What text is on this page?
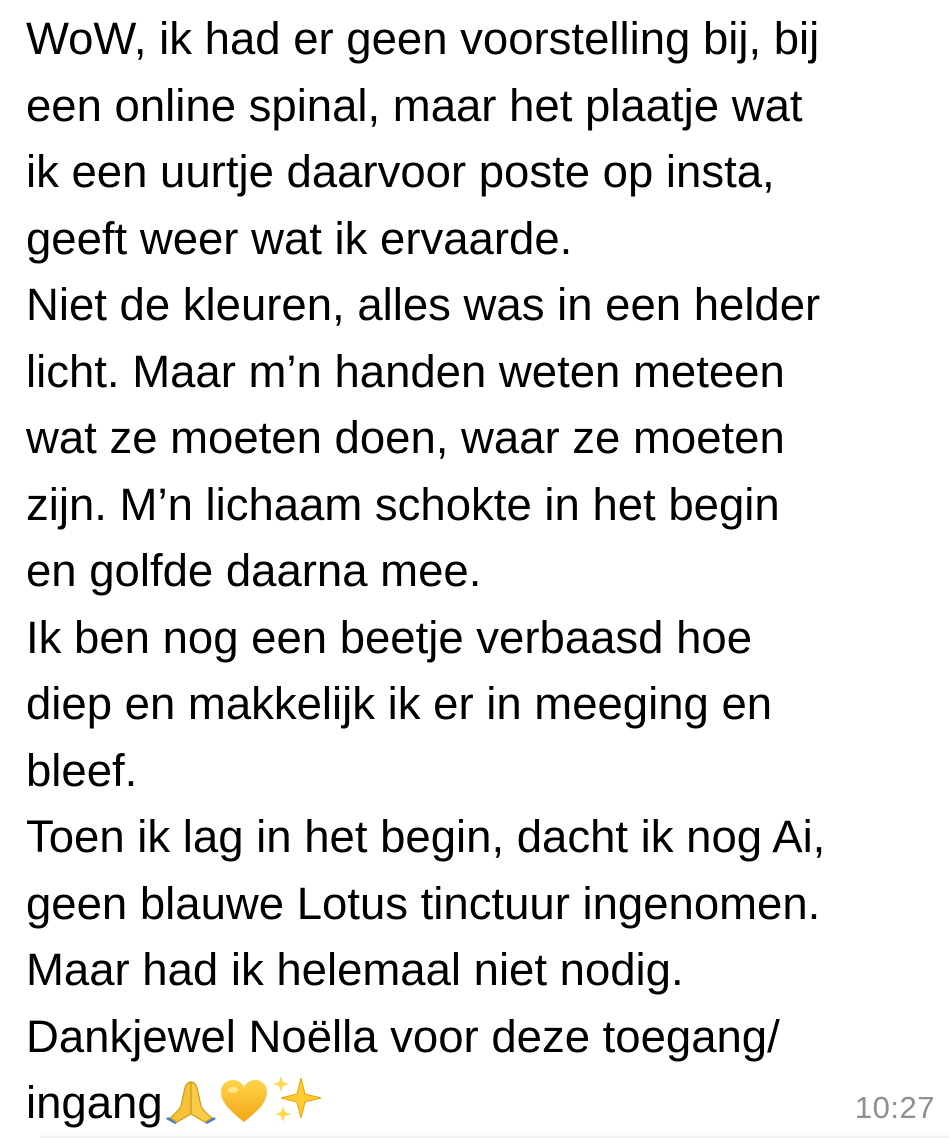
WoW, ik had er geen voorstelling bij, bij
een online spinal, maar het plaatje wat
ik een uurtje daarvoor poste op insta,
geeft weer wat ik ervaarde.
Niet de kleuren, alles was in een helder
licht. Maar m’n handen weten meteen
wat ze moeten doen, waar ze moeten
zijn. M’n lichaam schokte in het begin
en golfde daarna mee.
Ik ben nog een beetje verbaasd hoe
diep en makkelijk ik er in meeging en
bleef.
Toen ik lag in het begin, dacht ik nog Ai,
geen blauwe Lotus tinctuur ingenomen.
Maar had ik helemaal niet nodig.
Dankjewel Noëlla voor deze toegang/
ingang	10:27
